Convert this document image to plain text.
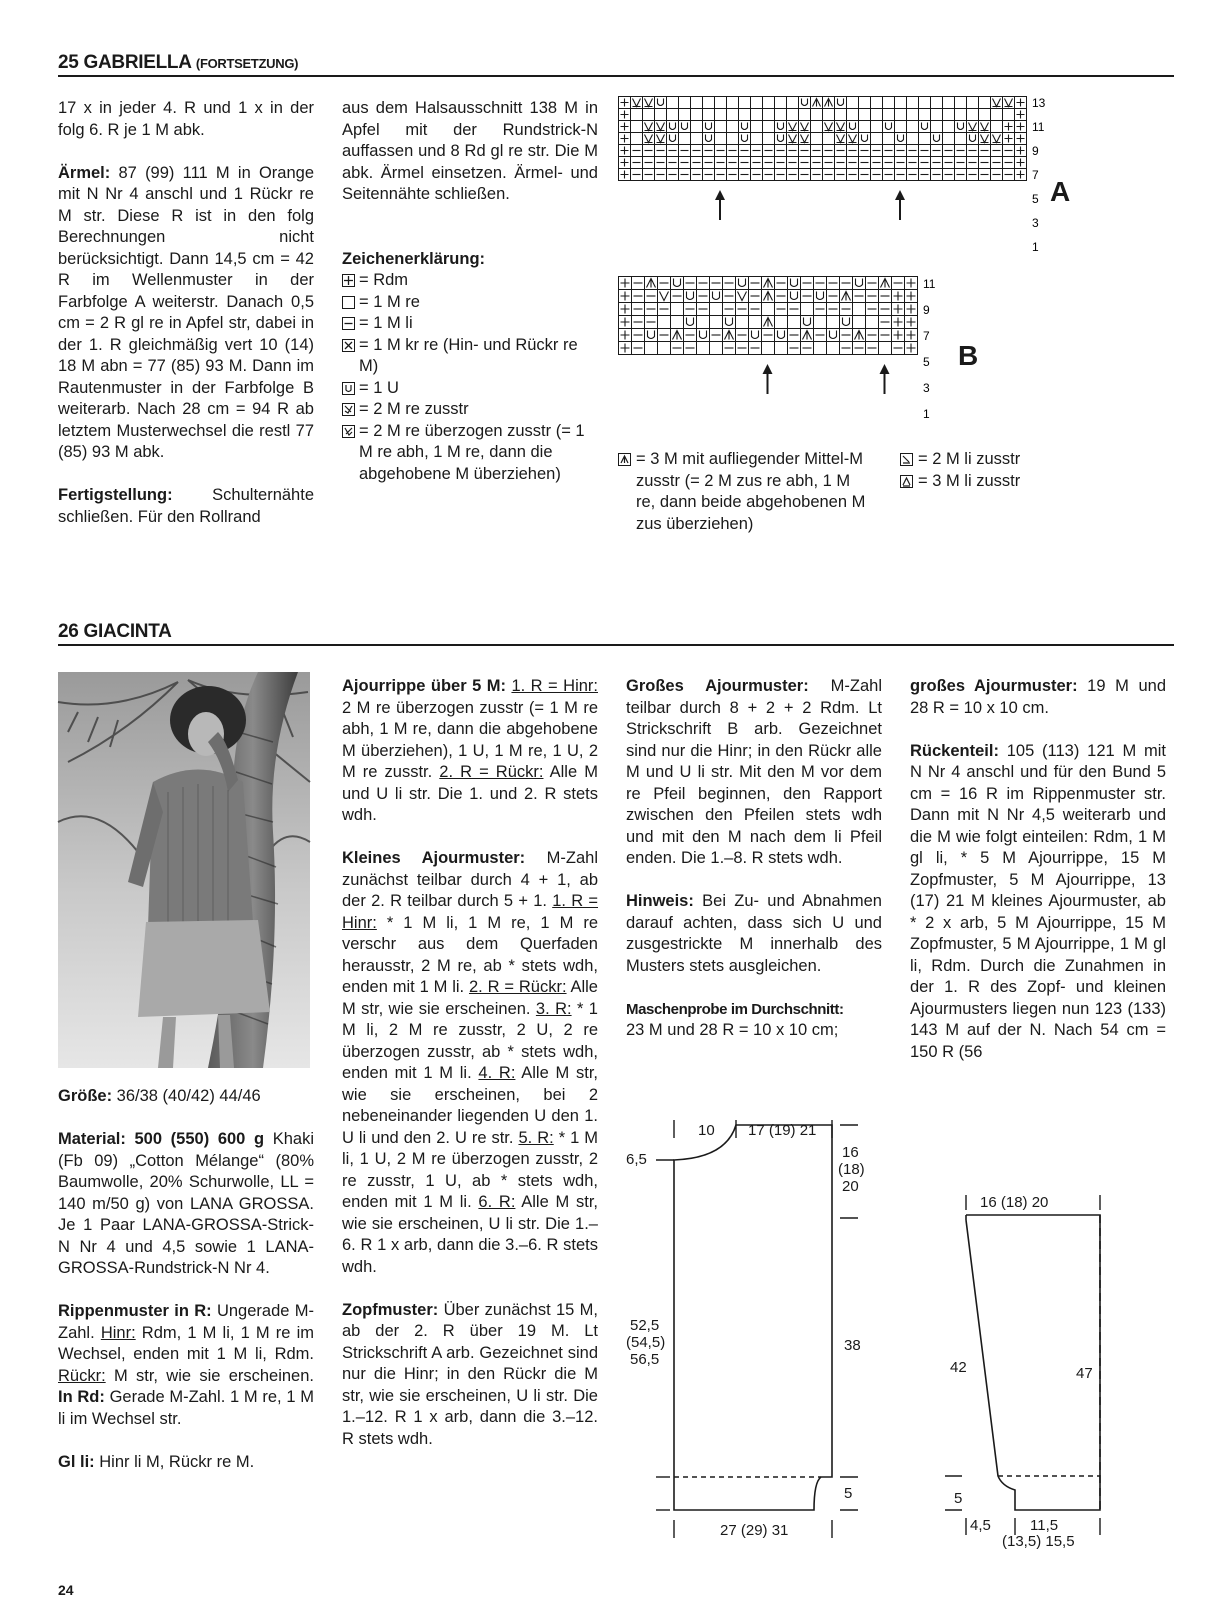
25 GABRIELLA (FORTSETZUNG)

17 x in jeder 4. R und 1 x in der folg 6. R je 1 M abk.

Ärmel: 87 (99) 111 M in Orange mit N Nr 4 anschl und 1 Rückr re M str. Diese R ist in den folg Berechnungen nicht berücksichtigt. Dann 14,5 cm = 42 R im Wellenmuster in der Farbfolge A weiterstr. Danach 0,5 cm = 2 R gl re in Apfel str, dabei in der 1. R gleichmäßig vert 10 (14) 18 M abn = 77 (85) 93 M. Dann im Rautenmuster in der Farbfolge B weiterarb. Nach 28 cm = 94 R ab letztem Musterwechsel die restl 77 (85) 93 M abk.

Fertigstellung: Schulternähte schließen. Für den Rollrand

aus dem Halsausschnitt 138 M in Apfel mit der Rundstrick-N auffassen und 8 Rd gl re str. Die M abk. Ärmel einsetzen. Ärmel- und Seitennähte schließen.

Zeichenerklärung:
= Rdm
= 1 M re
= 1 M li
= 1 M kr re (Hin- und Rückr re M)
= 1 U
= 2 M re zusstr
= 2 M re überzogen zusstr (= 1 M re abh, 1 M re, dann die abgehobene M überziehen)
13
11
9
7
5
3
1
A
11
9
7
5
3
1
B
= 3 M mit aufliegender Mittel-M zusstr (= 2 M zus re abh, 1 M re, dann beide abgehobenen M zus überziehen)
= 2 M li zusstr
= 3 M li zusstr
26 GIACINTA

Größe: 36/38 (40/42) 44/46

Material: 500 (550) 600 g Khaki (Fb 09) „Cotton Mélange“ (80% Baumwolle, 20% Schurwolle, LL = 140 m/50 g) von LANA GROSSA. Je 1 Paar LANA-GROSSA-Strick-N Nr 4 und 4,5 sowie 1 LANA-GROSSA-Rundstrick-N Nr 4.

Rippenmuster in R: Ungerade M-Zahl. Hinr: Rdm, 1 M li, 1 M re im Wechsel, enden mit 1 M li, Rdm. Rückr: M str, wie sie erscheinen. In Rd: Gerade M-Zahl. 1 M re, 1 M li im Wechsel str.

Gl li: Hinr li M, Rückr re M.

Ajourrippe über 5 M: 1. R = Hinr: 2 M re überzogen zusstr (= 1 M re abh, 1 M re, dann die abgehobene M überziehen), 1 U, 1 M re, 1 U, 2 M re zusstr. 2. R = Rückr: Alle M und U li str. Die 1. und 2. R stets wdh.

Kleines Ajourmuster: M-Zahl zunächst teilbar durch 4 + 1, ab der 2. R teilbar durch 5 + 1. 1. R = Hinr: * 1 M li, 1 M re, 1 M re verschr aus dem Querfaden herausstr, 2 M re, ab * stets wdh, enden mit 1 M li. 2. R = Rückr: Alle M str, wie sie erscheinen. 3. R: * 1 M li, 2 M re zusstr, 2 U, 2 re überzogen zusstr, ab * stets wdh, enden mit 1 M li. 4. R: Alle M str, wie sie erscheinen, bei 2 nebeneinander liegenden U den 1. U li und den 2. U re str. 5. R: * 1 M li, 1 U, 2 M re überzogen zusstr, 2 re zusstr, 1 U, ab * stets wdh, enden mit 1 M li. 6. R: Alle M str, wie sie erscheinen, U li str. Die 1.–6. R 1 x arb, dann die 3.–6. R stets wdh.

Zopfmuster: Über zunächst 15 M, ab der 2. R über 19 M. Lt Strickschrift A arb. Gezeichnet sind nur die Hinr; in den Rückr die M str, wie sie erscheinen, U li str. Die 1.–12. R 1 x arb, dann die 3.–12. R stets wdh.

Großes Ajourmuster: M-Zahl teilbar durch 8 + 2 + 2 Rdm. Lt Strickschrift B arb. Gezeichnet sind nur die Hinr; in den Rückr alle M und U li str. Mit den M vor dem re Pfeil beginnen, den Rapport zwischen den Pfeilen stets wdh und mit den M nach dem li Pfeil enden. Die 1.–8. R stets wdh.

Hinweis: Bei Zu- und Abnahmen darauf achten, dass sich U und zusgestrickte M innerhalb des Musters stets ausgleichen.

Maschenprobe im Durchschnitt:
23 M und 28 R = 10 x 10 cm;

großes Ajourmuster: 19 M und 28 R = 10 x 10 cm.

Rückenteil: 105 (113) 121 M mit N Nr 4 anschl und für den Bund 5 cm = 16 R im Rippenmuster str. Dann mit N Nr 4,5 weiterarb und die M wie folgt einteilen: Rdm, 1 M gl li, * 5 M Ajourrippe, 15 M Zopfmuster, 5 M Ajourrippe, 13 (17) 21 M kleines Ajourmuster, ab * 2 x arb, 5 M Ajourrippe, 15 M Zopfmuster, 5 M Ajourrippe, 1 M gl li, Rdm. Durch die Zunahmen in der 1. R des Zopf- und kleinen Ajourmusters liegen nun 123 (133) 143 M auf der N. Nach 54 cm = 150 R (56

10 17 (19) 21
6,5	16
(18)
20
52,5
(54,5)
56,5
38
5
27 (29) 31
16 (18) 20
42	47
5
4,5	11,5
(13,5) 15,5
24
